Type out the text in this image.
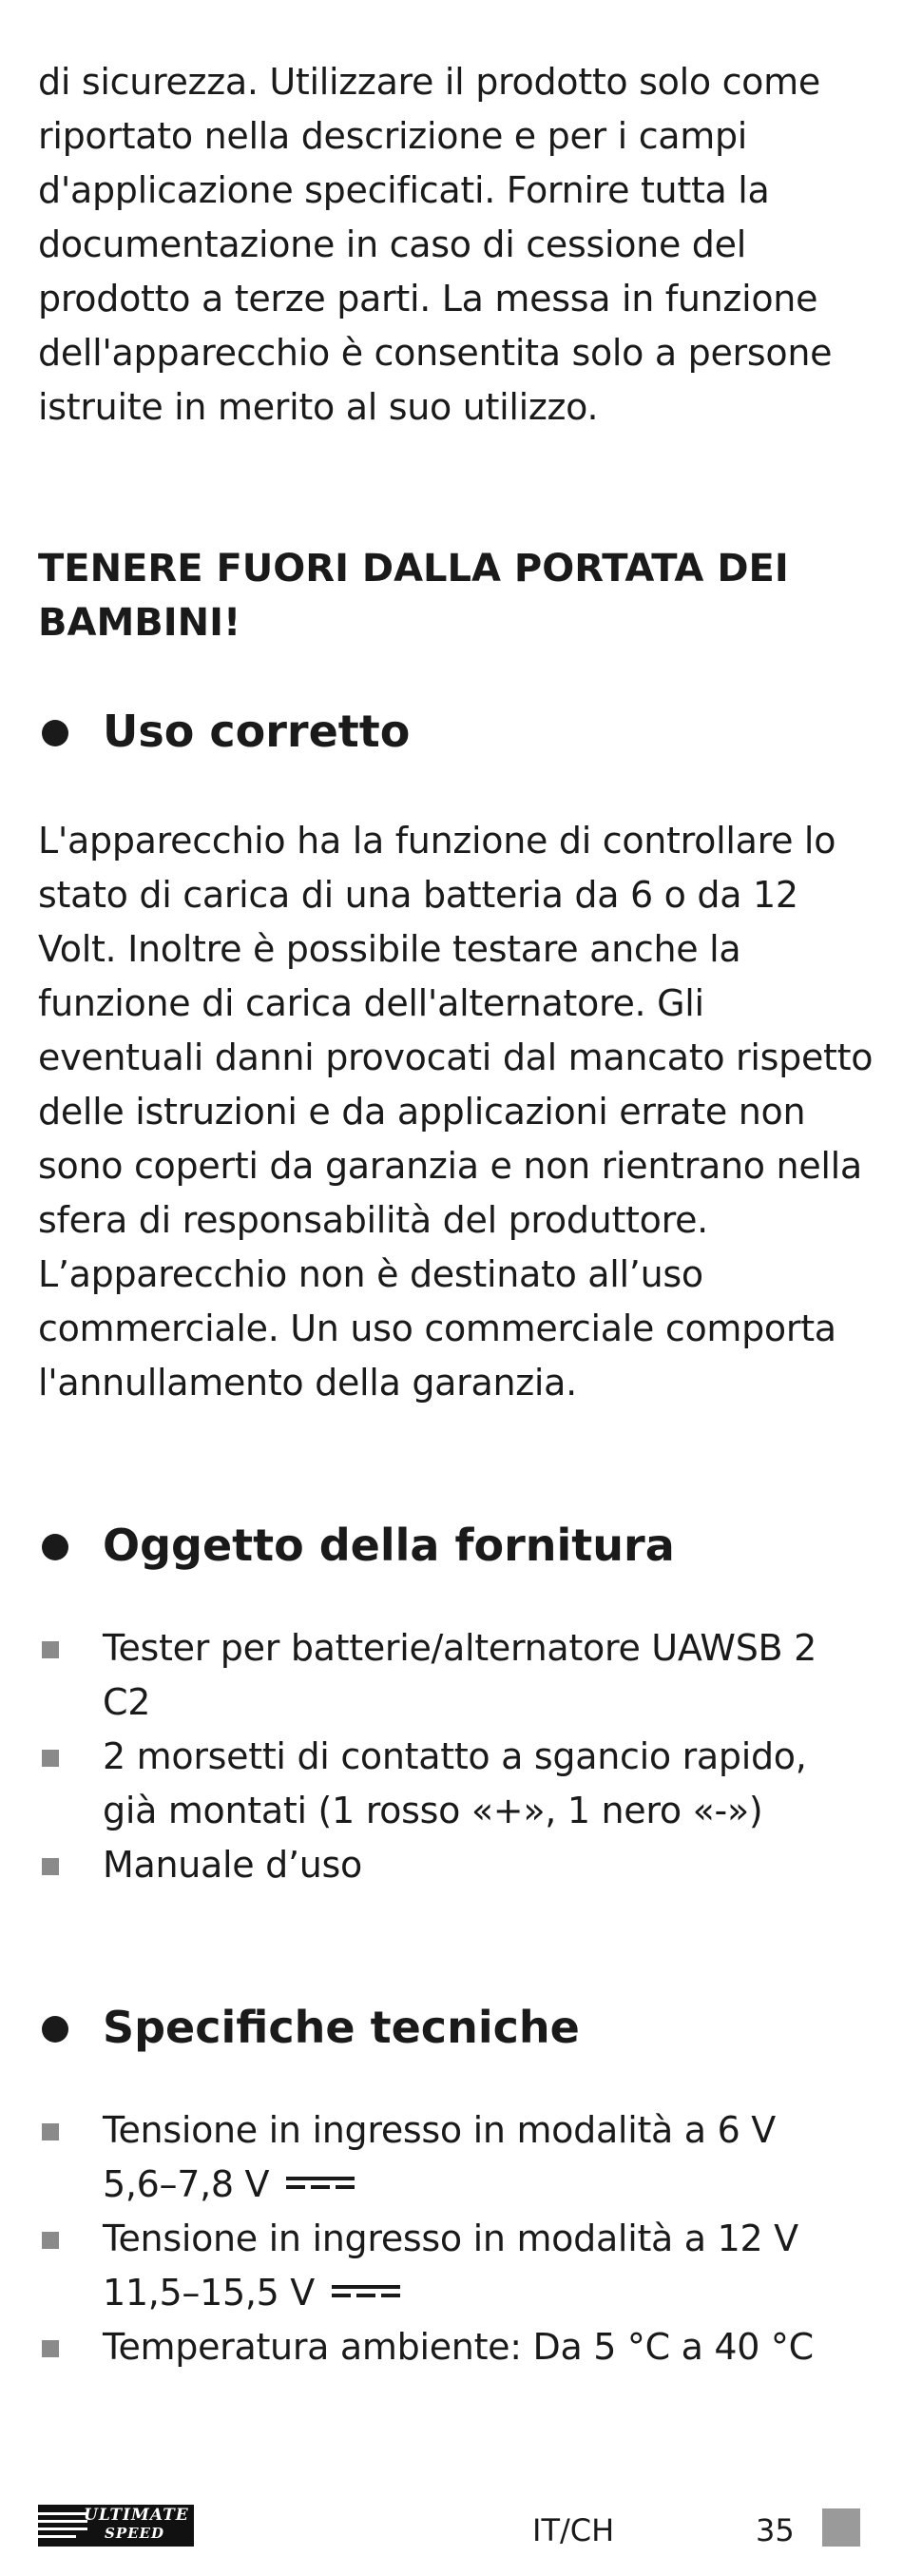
di sicurezza. Utilizzare il prodotto solo come riportato nella descrizione e per i campi d'applicazione specificati. Fornire tutta la documentazione in caso di cessione del prodotto a terze parti. La messa in funzione dell'apparecchio è consentita solo a persone istruite in merito al suo utilizzo.

TENERE FUORI DALLA PORTATA DEI BAMBINI!

Uso corretto

L'apparecchio ha la funzione di controllare lo stato di carica di una batteria da 6 o da 12 Volt. Inoltre è possibile testare anche la funzione di carica dell'alternatore. Gli eventuali danni provocati dal mancato rispetto delle istruzioni e da applicazioni errate non sono coperti da garanzia e non rientrano nella sfera di responsabilità del produttore. L’apparecchio non è destinato all’uso commerciale. Un uso commerciale comporta l'annullamento della garanzia.

Oggetto della fornitura
Tester per batterie/alternatore UAWSB 2 C2
2 morsetti di contatto a sgancio rapido, già montati (1 rosso «+», 1 nero «-»)
Manuale d’uso
Specifiche tecniche
Tensione in ingresso in modalità a 6 V
5,6–7,8 V
Tensione in ingresso in modalità a 12 V
11,5–15,5 V
Temperatura ambiente: Da 5 °C a 40 °C
ULTIMATE
SPEED	IT/CH	35
